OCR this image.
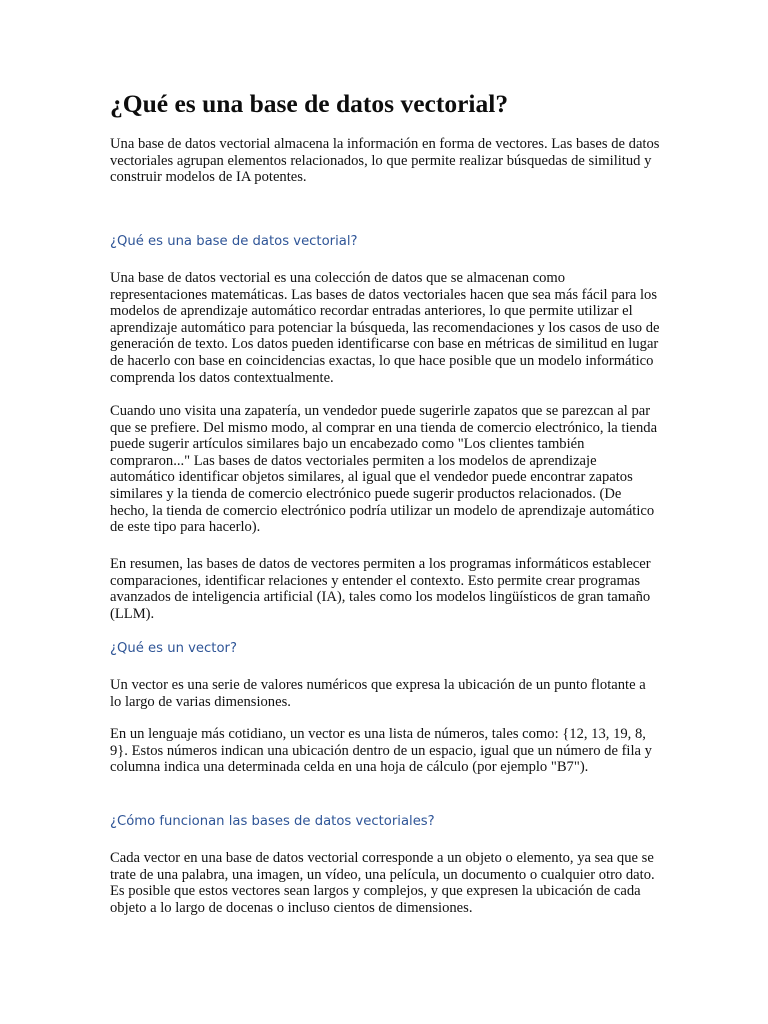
¿Qué es una base de datos vectorial?

Una base de datos vectorial almacena la información en forma de vectores. Las bases de datos vectoriales agrupan elementos relacionados, lo que permite realizar búsquedas de similitud y construir modelos de IA potentes.

¿Qué es una base de datos vectorial?

Una base de datos vectorial es una colección de datos que se almacenan como representaciones matemáticas. Las bases de datos vectoriales hacen que sea más fácil para los modelos de aprendizaje automático recordar entradas anteriores, lo que permite utilizar el aprendizaje automático para potenciar la búsqueda, las recomendaciones y los casos de uso de generación de texto. Los datos pueden identificarse con base en métricas de similitud en lugar de hacerlo con base en coincidencias exactas, lo que hace posible que un modelo informático comprenda los datos contextualmente.

Cuando uno visita una zapatería, un vendedor puede sugerirle zapatos que se parezcan al par que se prefiere. Del mismo modo, al comprar en una tienda de comercio electrónico, la tienda puede sugerir artículos similares bajo un encabezado como "Los clientes también compraron..." Las bases de datos vectoriales permiten a los modelos de aprendizaje automático identificar objetos similares, al igual que el vendedor puede encontrar zapatos similares y la tienda de comercio electrónico puede sugerir productos relacionados. (De hecho, la tienda de comercio electrónico podría utilizar un modelo de aprendizaje automático de este tipo para hacerlo).

En resumen, las bases de datos de vectores permiten a los programas informáticos establecer comparaciones, identificar relaciones y entender el contexto. Esto permite crear programas avanzados de inteligencia artificial (IA), tales como los modelos lingüísticos de gran tamaño (LLM).

¿Qué es un vector?

Un vector es una serie de valores numéricos que expresa la ubicación de un punto flotante a lo largo de varias dimensiones.

En un lenguaje más cotidiano, un vector es una lista de números, tales como: {12, 13, 19, 8, 9}. Estos números indican una ubicación dentro de un espacio, igual que un número de fila y columna indica una determinada celda en una hoja de cálculo (por ejemplo "B7").

¿Cómo funcionan las bases de datos vectoriales?

Cada vector en una base de datos vectorial corresponde a un objeto o elemento, ya sea que se trate de una palabra, una imagen, un vídeo, una película, un documento o cualquier otro dato. Es posible que estos vectores sean largos y complejos, y que expresen la ubicación de cada objeto a lo largo de docenas o incluso cientos de dimensiones.
